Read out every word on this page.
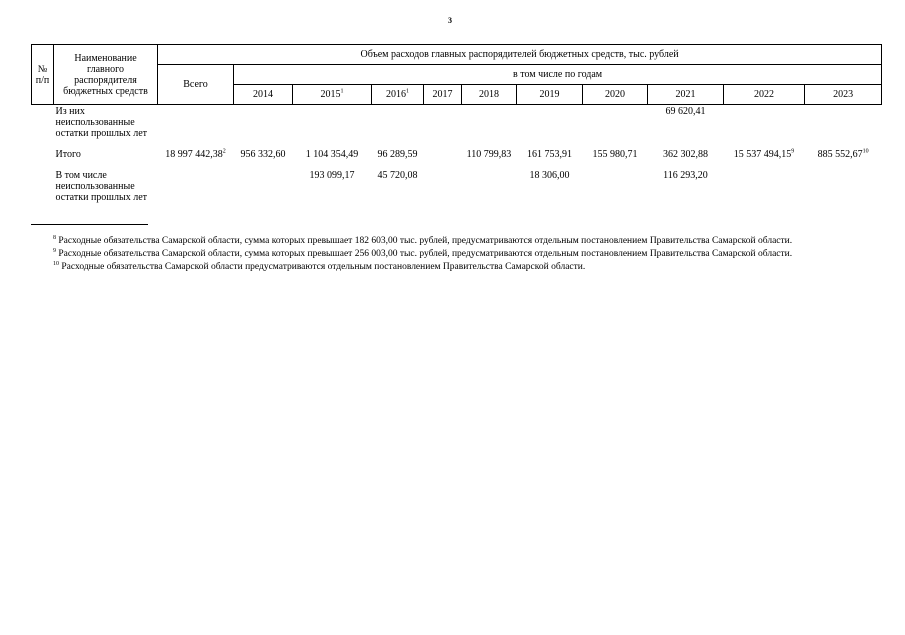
3
№ п/п	Наименование главного распорядителя бюджетных средств	Объем расходов главных распорядителей бюджетных средств, тыс. рублей										
		Всего	в том числе по годам									
			2014	2015$^1$	2016$^1$	2017	2018	2019	2020	2021	2022	2023
	Из них неиспользованные остатки прошлых лет									69 620,41		

	Итого	18 997 442,38$^2$	956 332,60	1 104 354,49	96 289,59		110 799,83	161 753,91	155 980,71	362 302,88	15 537 494,15$^9$	885 552,67$^{10}$

	В том числе неиспользованные остатки прошлых лет			193 099,17	45 720,08			18 306,00		116 293,20		

$^8$ Расходные обязательства Самарской области, сумма которых превышает 182 603,00 тыс. рублей, предусматриваются отдельным постановлением Правительства Самарской области.

$^9$ Расходные обязательства Самарской области, сумма которых превышает 256 003,00 тыс. рублей, предусматриваются отдельным постановлением Правительства Самарской области.

$^{10}$ Расходные обязательства Самарской области предусматриваются отдельным постановлением Правительства Самарской области.
